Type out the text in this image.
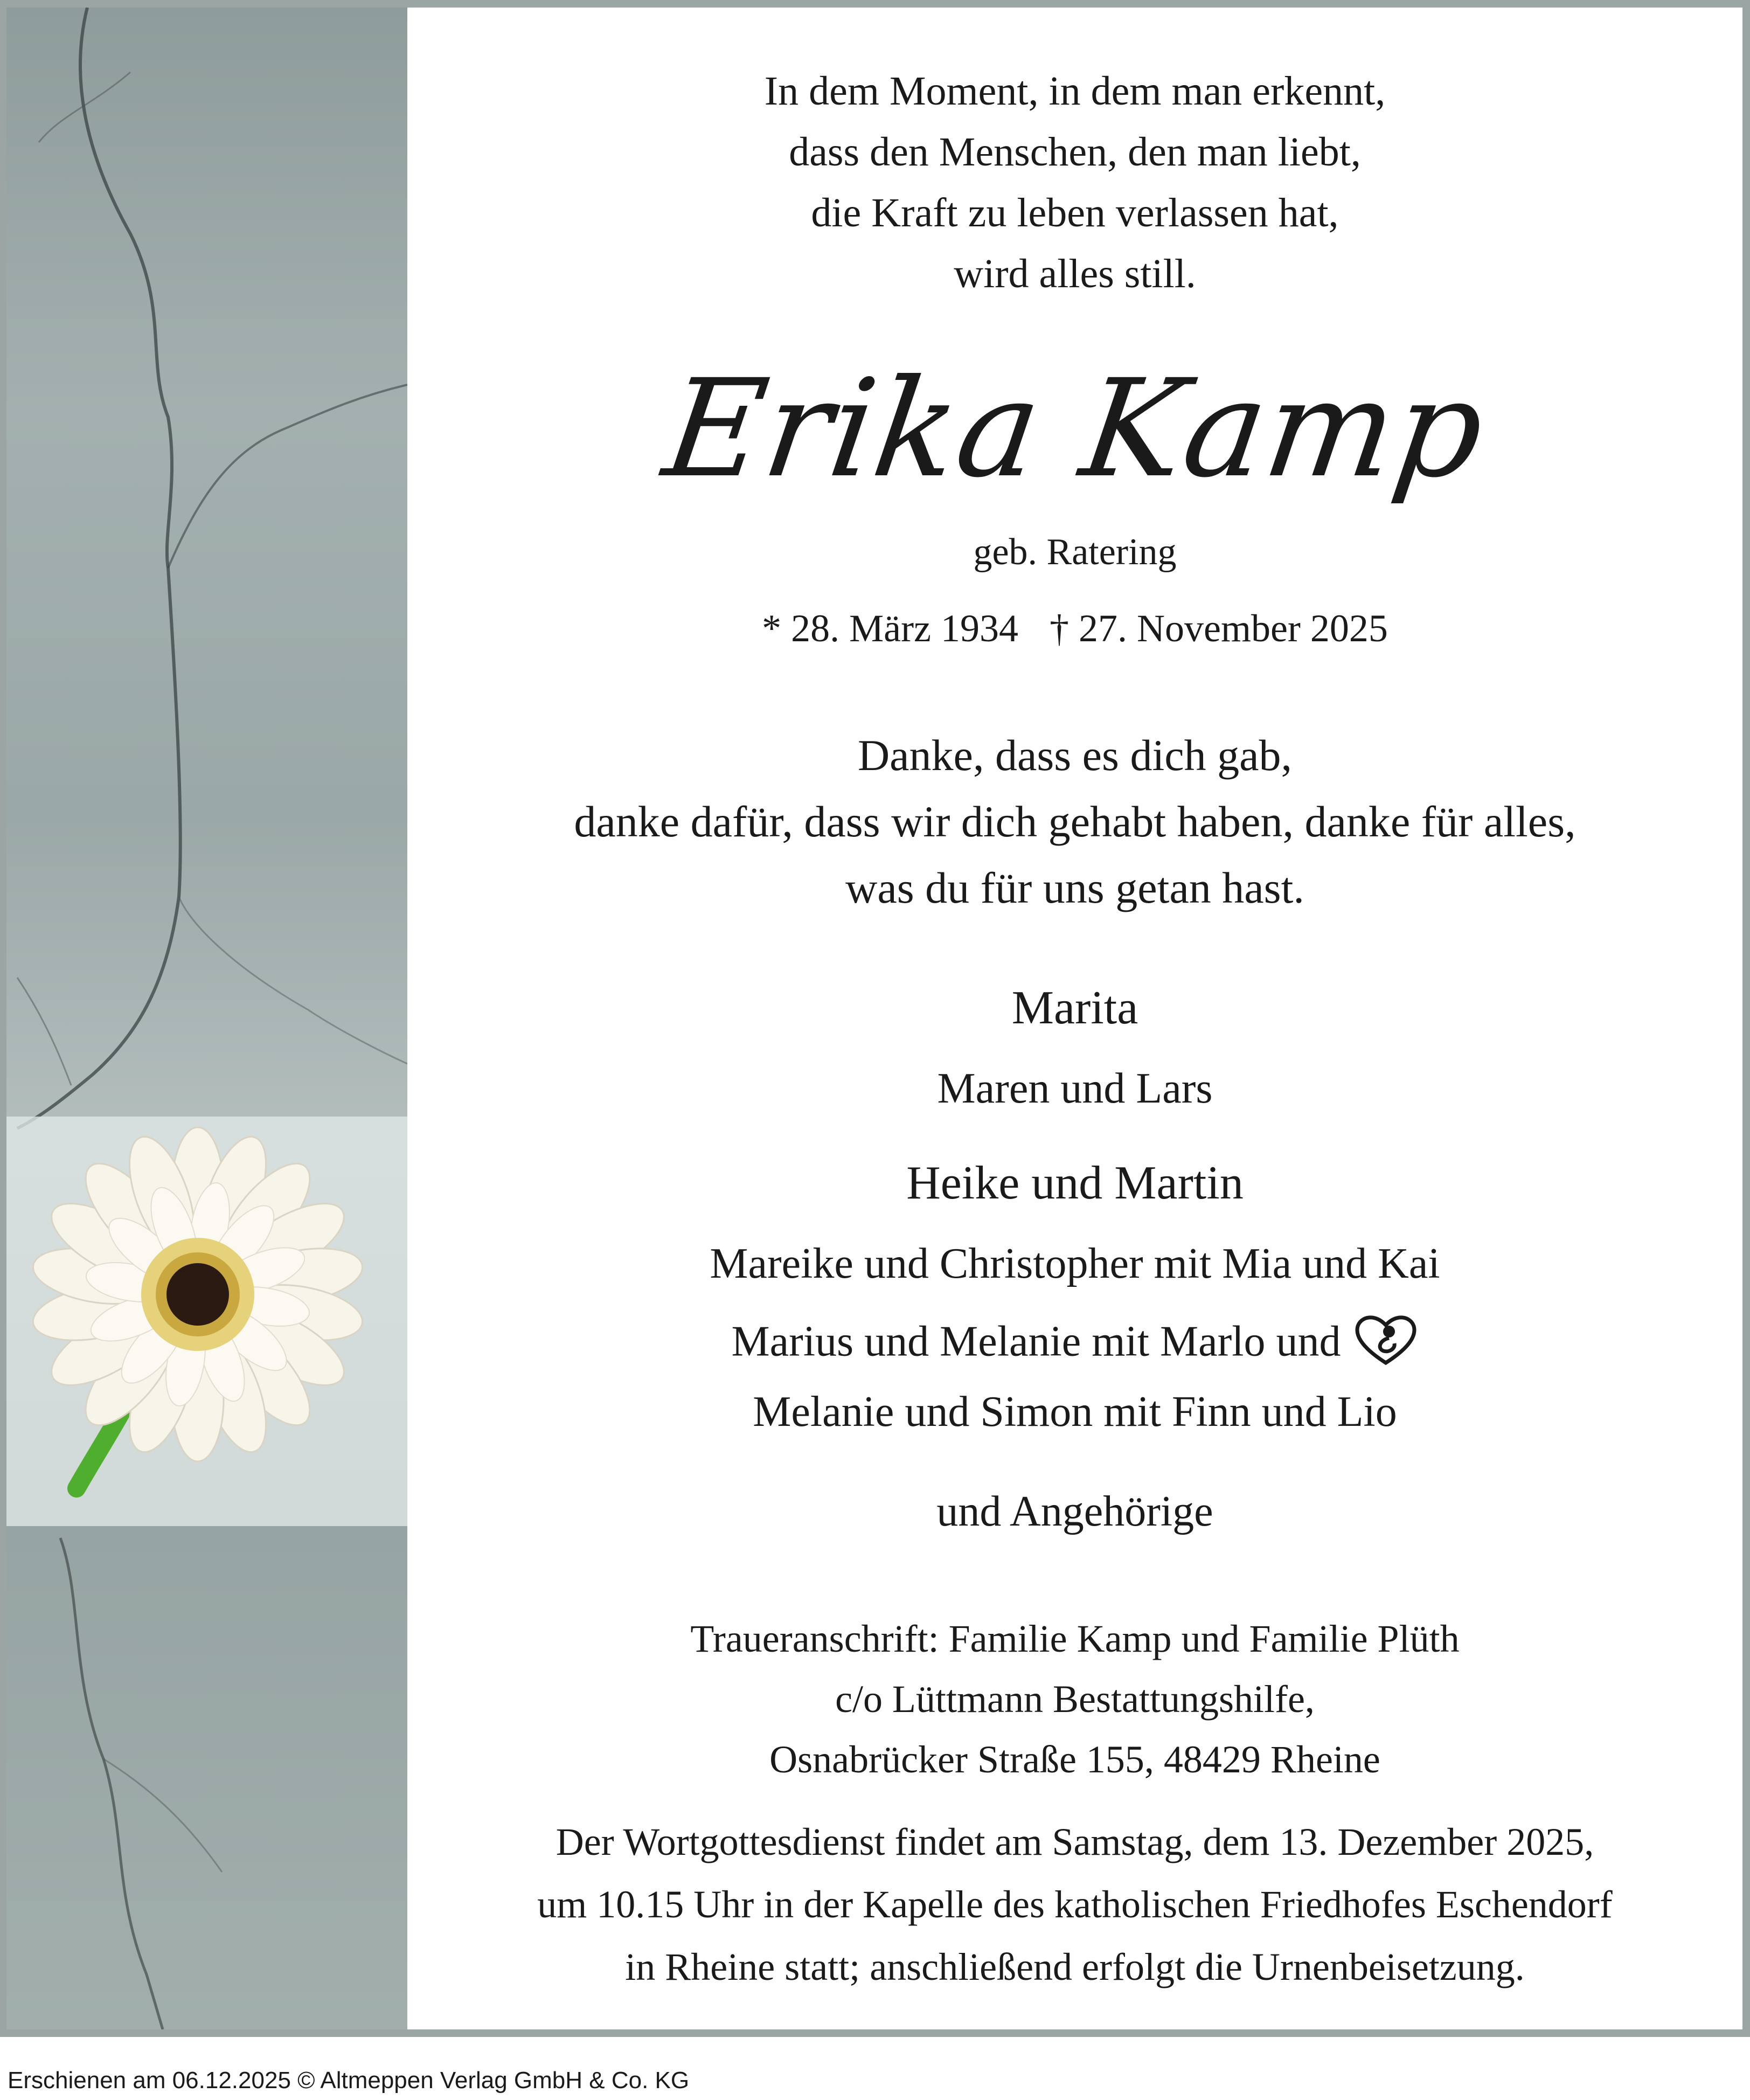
In dem Moment, in dem man erkennt,
dass den Menschen, den man liebt,
die Kraft zu leben verlassen hat,
wird alles still.
Erika Kamp
geb. Ratering
* 28. März 1934 † 27. November 2025
Danke, dass es dich gab,
danke dafür, dass wir dich gehabt haben, danke für alles,
was du für uns getan hast.
Marita
Maren und Lars
Heike und Martin
Mareike und Christopher mit Mia und Kai
Marius und Melanie mit Marlo und
Melanie und Simon mit Finn und Lio
und Angehörige
Traueranschrift: Familie Kamp und Familie Plüth
c/o Lüttmann Bestattungshilfe,
Osnabrücker Straße 155, 48429 Rheine
Der Wortgottesdienst findet am Samstag, dem 13. Dezember 2025,
um 10.15 Uhr in der Kapelle des katholischen Friedhofes Eschendorf
in Rheine statt; anschließend erfolgt die Urnenbeisetzung.
Erschienen am 06.12.2025 © Altmeppen Verlag GmbH & Co. KG
